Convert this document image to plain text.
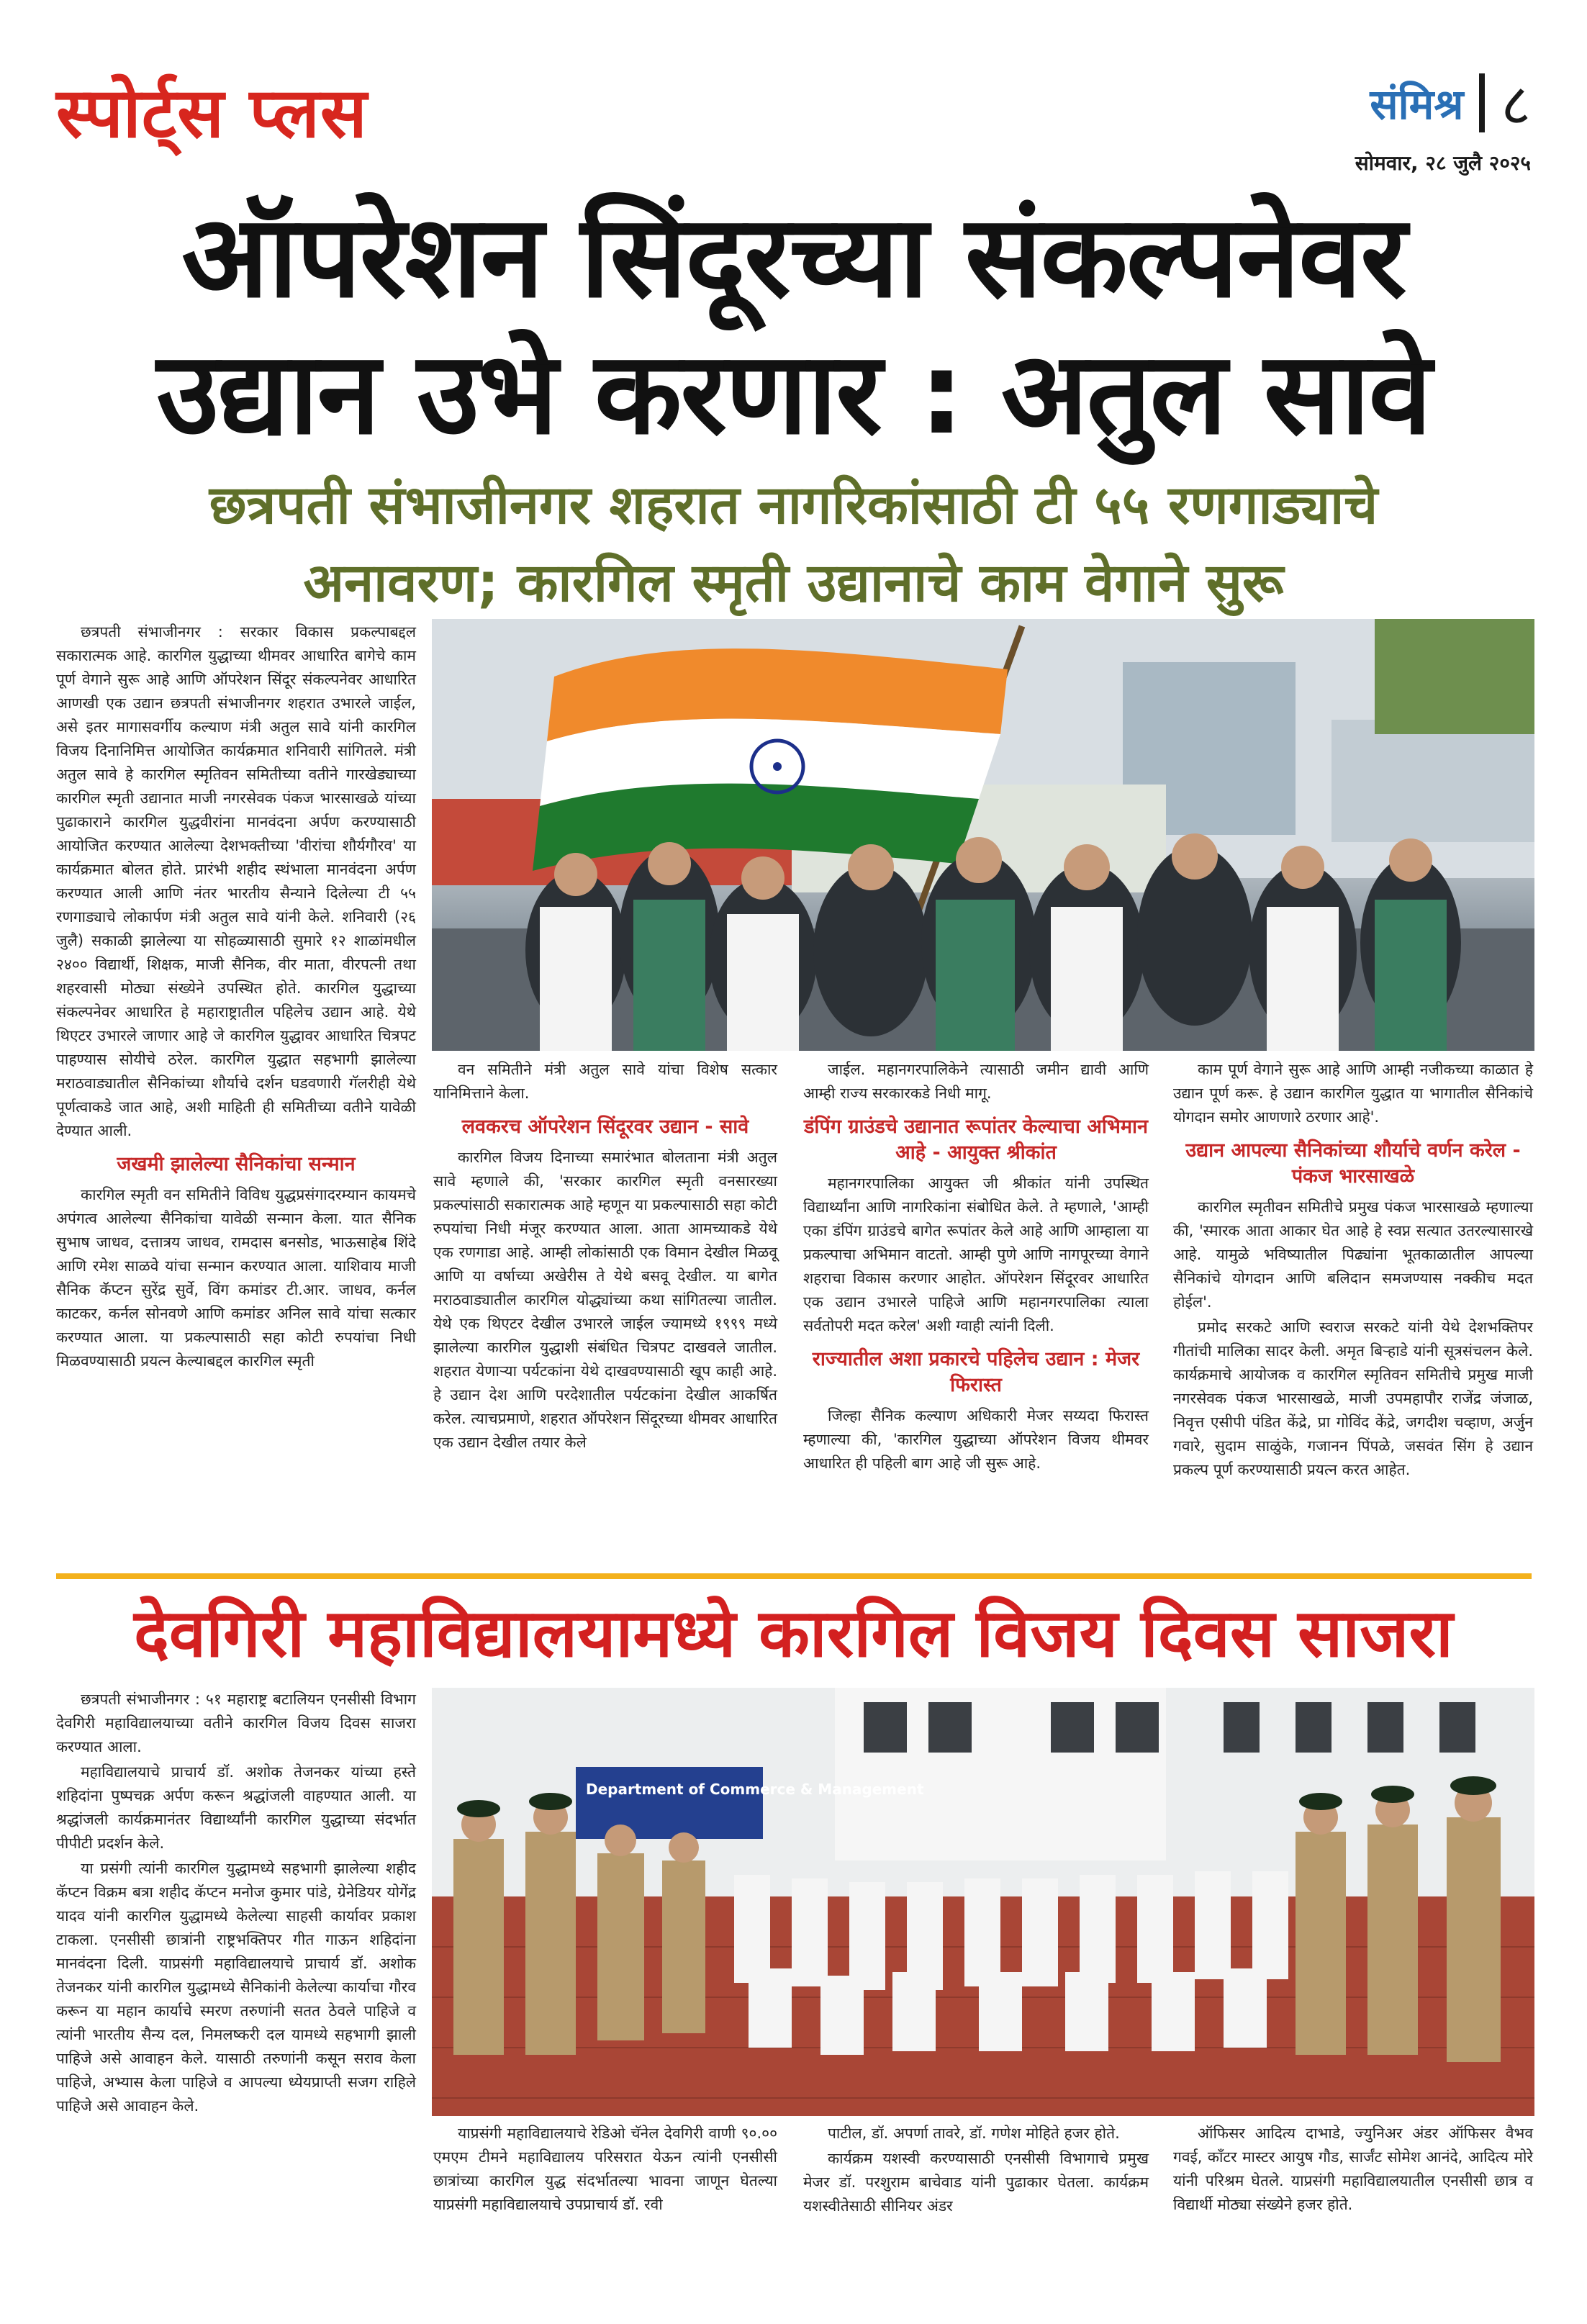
स्पोर्ट्स प्लस	संमिश्र ८
सोमवार, २८ जुलै २०२५
ऑपरेशन सिंदूरच्या संकल्पनेवर
उद्यान उभे करणार : अतुल सावे
छत्रपती संभाजीनगर शहरात नागरिकांसाठी टी ५५ रणगाड्याचे
अनावरण; कारगिल स्मृती उद्यानाचे काम वेगाने सुरू

छत्रपती संभाजीनगर : सरकार विकास प्रकल्पाबद्दल सकारात्मक आहे. कारगिल युद्धाच्या थीमवर आधारित बागेचे काम पूर्ण वेगाने सुरू आहे आणि ऑपरेशन सिंदूर संकल्पनेवर आधारित आणखी एक उद्यान छत्रपती संभाजीनगर शहरात उभारले जाईल, असे इतर मागासवर्गीय कल्याण मंत्री अतुल सावे यांनी कारगिल विजय दिनानिमित्त आयोजित कार्यक्रमात शनिवारी सांगितले. मंत्री अतुल सावे हे कारगिल स्मृतिवन समितीच्या वतीने गारखेड्याच्या कारगिल स्मृती उद्यानात माजी नगरसेवक पंकज भारसाखळे यांच्या पुढाकाराने कारगिल युद्धवीरांना मानवंदना अर्पण करण्यासाठी आयोजित करण्यात आलेल्या देशभक्तीच्या 'वीरांचा शौर्यगौरव' या कार्यक्रमात बोलत होते. प्रारंभी शहीद स्थंभाला मानवंदना अर्पण करण्यात आली आणि नंतर भारतीय सैन्याने दिलेल्या टी ५५ रणगाड्याचे लोकार्पण मंत्री अतुल सावे यांनी केले. शनिवारी (२६ जुलै) सकाळी झालेल्या या सोहळ्यासाठी सुमारे १२ शाळांमधील २४०० विद्यार्थी, शिक्षक, माजी सैनिक, वीर माता, वीरपत्नी तथा शहरवासी मोठ्या संख्येने उपस्थित होते. कारगिल युद्धाच्या संकल्पनेवर आधारित हे महाराष्ट्रातील पहिलेच उद्यान आहे. येथे थिएटर उभारले जाणार आहे जे कारगिल युद्धावर आधारित चित्रपट पाहण्यास सोयीचे ठरेल. कारगिल युद्धात सहभागी झालेल्या मराठवाड्यातील सैनिकांच्या शौर्याचे दर्शन घडवणारी गॅलरीही येथे पूर्णत्वाकडे जात आहे, अशी माहिती ही समितीच्या वतीने यावेळी देण्यात आली.

जखमी झालेल्या सैनिकांचा सन्मान

कारगिल स्मृती वन समितीने विविध युद्धप्रसंगादरम्यान कायमचे अपंगत्व आलेल्या सैनिकांचा यावेळी सन्मान केला. यात सैनिक सुभाष जाधव, दत्तात्रय जाधव, रामदास बनसोड, भाऊसाहेब शिंदे आणि रमेश साळवे यांचा सन्मान करण्यात आला. याशिवाय माजी सैनिक कॅप्टन सुरेंद्र सुर्वे, विंग कमांडर टी.आर. जाधव, कर्नल काटकर, कर्नल सोनवणे आणि कमांडर अनिल सावे यांचा सत्कार करण्यात आला. या प्रकल्पासाठी सहा कोटी रुपयांचा निधी मिळवण्यासाठी प्रयत्न केल्याबद्दल कारगिल स्मृती

वन समितीने मंत्री अतुल सावे यांचा विशेष सत्कार यानिमित्ताने केला.

लवकरच ऑपरेशन सिंदूरवर उद्यान - सावे

कारगिल विजय दिनाच्या समारंभात बोलताना मंत्री अतुल सावे म्हणाले की, 'सरकार कारगिल स्मृती वनसारख्या प्रकल्पांसाठी सकारात्मक आहे म्हणून या प्रकल्पासाठी सहा कोटी रुपयांचा निधी मंजूर करण्यात आला. आता आमच्याकडे येथे एक रणगाडा आहे. आम्ही लोकांसाठी एक विमान देखील मिळवू आणि या वर्षाच्या अखेरीस ते येथे बसवू देखील. या बागेत मराठवाड्यातील कारगिल योद्ध्यांच्या कथा सांगितल्या जातील. येथे एक थिएटर देखील उभारले जाईल ज्यामध्ये १९९९ मध्ये झालेल्या कारगिल युद्धाशी संबंधित चित्रपट दाखवले जातील. शहरात येणाऱ्या पर्यटकांना येथे दाखवण्यासाठी खूप काही आहे. हे उद्यान देश आणि परदेशातील पर्यटकांना देखील आकर्षित करेल. त्याचप्रमाणे, शहरात ऑपरेशन सिंदूरच्या थीमवर आधारित एक उद्यान देखील तयार केले

जाईल. महानगरपालिकेने त्यासाठी जमीन द्यावी आणि आम्ही राज्य सरकारकडे निधी मागू.

डंपिंग ग्राउंडचे उद्यानात रूपांतर केल्याचा अभिमान आहे - आयुक्त श्रीकांत

महानगरपालिका आयुक्त जी श्रीकांत यांनी उपस्थित विद्यार्थ्यांना आणि नागरिकांना संबोधित केले. ते म्हणाले, 'आम्ही एका डंपिंग ग्राउंडचे बागेत रूपांतर केले आहे आणि आम्हाला या प्रकल्पाचा अभिमान वाटतो. आम्ही पुणे आणि नागपूरच्या वेगाने शहराचा विकास करणार आहोत. ऑपरेशन सिंदूरवर आधारित एक उद्यान उभारले पाहिजे आणि महानगरपालिका त्याला सर्वतोपरी मदत करेल' अशी ग्वाही त्यांनी दिली.

राज्यातील अशा प्रकारचे पहिलेच उद्यान : मेजर फिरास्त

जिल्हा सैनिक कल्याण अधिकारी मेजर सय्यदा फिरास्त म्हणाल्या की, 'कारगिल युद्धाच्या ऑपरेशन विजय थीमवर आधारित ही पहिली बाग आहे जी सुरू आहे.

काम पूर्ण वेगाने सुरू आहे आणि आम्ही नजीकच्या काळात हे उद्यान पूर्ण करू. हे उद्यान कारगिल युद्धात या भागातील सैनिकांचे योगदान समोर आणणारे ठरणार आहे'.

उद्यान आपल्या सैनिकांच्या शौर्याचे वर्णन करेल - पंकज भारसाखळे

कारगिल स्मृतीवन समितीचे प्रमुख पंकज भारसाखळे म्हणाल्या की, 'स्मारक आता आकार घेत आहे हे स्वप्न सत्यात उतरल्यासारखे आहे. यामुळे भविष्यातील पिढ्यांना भूतकाळातील आपल्या सैनिकांचे योगदान आणि बलिदान समजण्यास नक्कीच मदत होईल'.

प्रमोद सरकटे आणि स्वराज सरकटे यांनी येथे देशभक्तिपर गीतांची मालिका सादर केली. अमृत बिऱ्हाडे यांनी सूत्रसंचलन केले. कार्यक्रमाचे आयोजक व कारगिल स्मृतिवन समितीचे प्रमुख माजी नगरसेवक पंकज भारसाखळे, माजी उपमहापौर राजेंद्र जंजाळ, निवृत्त एसीपी पंडित केंद्रे, प्रा गोविंद केंद्रे, जगदीश चव्हाण, अर्जुन गवारे, सुदाम साळुंके, गजानन पिंपळे, जसवंत सिंग हे उद्यान प्रकल्प पूर्ण करण्यासाठी प्रयत्न करत आहेत.

देवगिरी महाविद्यालयामध्ये कारगिल विजय दिवस साजरा

छत्रपती संभाजीनगर : ५१ महाराष्ट्र बटालियन एनसीसी विभाग देवगिरी महाविद्यालयाच्या वतीने कारगिल विजय दिवस साजरा करण्यात आला.

महाविद्यालयाचे प्राचार्य डॉ. अशोक तेजनकर यांच्या हस्ते शहिदांना पुष्पचक्र अर्पण करून श्रद्धांजली वाहण्यात आली. या श्रद्धांजली कार्यक्रमानंतर विद्यार्थ्यांनी कारगिल युद्धाच्या संदर्भात पीपीटी प्रदर्शन केले.

या प्रसंगी त्यांनी कारगिल युद्धामध्ये सहभागी झालेल्या शहीद कॅप्टन विक्रम बत्रा शहीद कॅप्टन मनोज कुमार पांडे, ग्रेनेडियर योगेंद्र यादव यांनी कारगिल युद्धामध्ये केलेल्या साहसी कार्यावर प्रकाश टाकला. एनसीसी छात्रांनी राष्ट्रभक्तिपर गीत गाऊन शहिदांना मानवंदना दिली. याप्रसंगी महाविद्यालयाचे प्राचार्य डॉ. अशोक तेजनकर यांनी कारगिल युद्धामध्ये सैनिकांनी केलेल्या कार्याचा गौरव करून या महान कार्याचे स्मरण तरुणांनी सतत ठेवले पाहिजे व त्यांनी भारतीय सैन्य दल, निमलष्करी दल यामध्ये सहभागी झाली पाहिजे असे आवाहन केले. यासाठी तरुणांनी कसून सराव केला पाहिजे, अभ्यास केला पाहिजे व आपल्या ध्येयप्राप्ती सजग राहिले पाहिजे असे आवाहन केले.

Department of Commerce & Management

याप्रसंगी महाविद्यालयाचे रेडिओ चॅनेल देवगिरी वाणी ९०.०० एमएम टीमने महाविद्यालय परिसरात येऊन त्यांनी एनसीसी छात्रांच्या कारगिल युद्ध संदर्भातल्या भावना जाणून घेतल्या याप्रसंगी महाविद्यालयाचे उपप्राचार्य डॉ. रवी

पाटील, डॉ. अपर्णा तावरे, डॉ. गणेश मोहिते हजर होते.

कार्यक्रम यशस्वी करण्यासाठी एनसीसी विभागाचे प्रमुख मेजर डॉ. परशुराम बाचेवाड यांनी पुढाकार घेतला. कार्यक्रम यशस्वीतेसाठी सीनियर अंडर

ऑफिसर आदित्य दाभाडे, ज्युनिअर अंडर ऑफिसर वैभव गवई, कॉंटर मास्टर आयुष गौड, सार्जंट सोमेश आनंदे, आदित्य मोरे यांनी परिश्रम घेतले. याप्रसंगी महाविद्यालयातील एनसीसी छात्र व विद्यार्थी मोठ्या संख्येने हजर होते.
